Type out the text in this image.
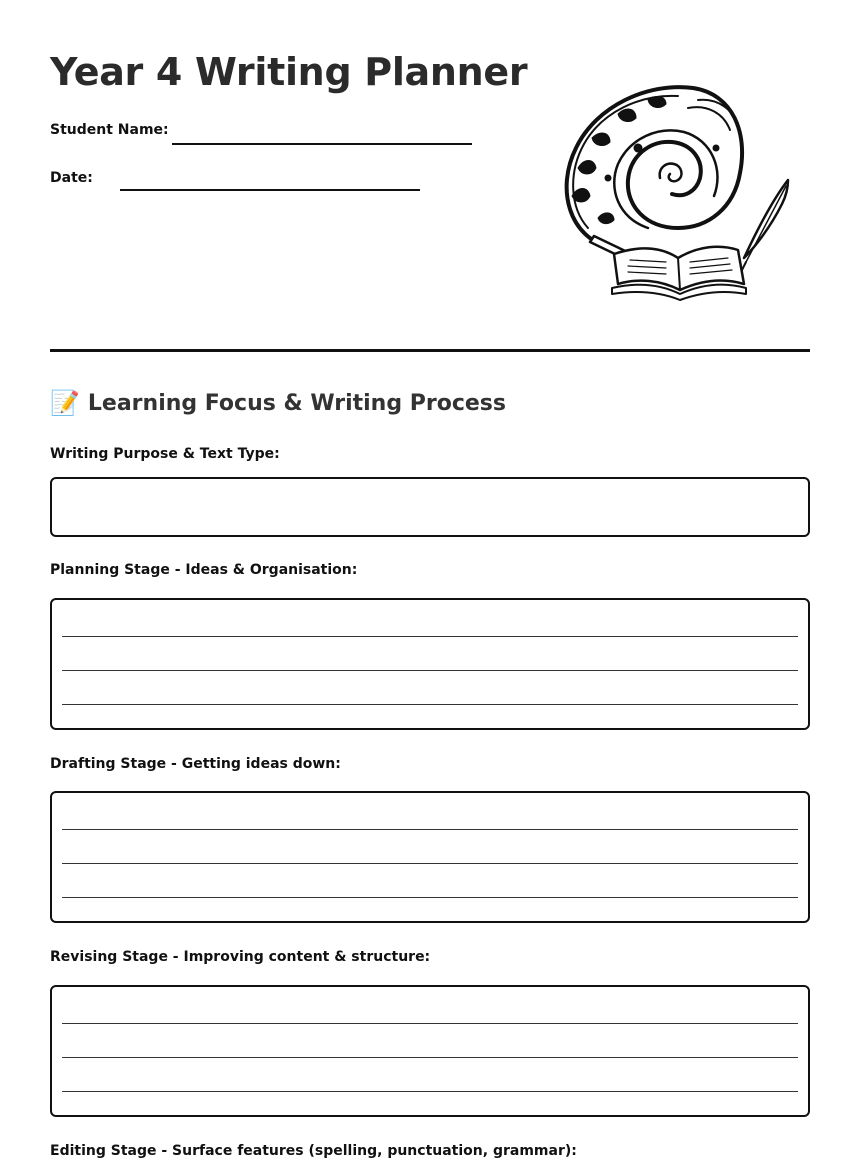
Year 4 Writing Planner
Student Name:
Date:
📝 Learning Focus & Writing Process
Writing Purpose & Text Type:
Planning Stage - Ideas & Organisation:
Drafting Stage - Getting ideas down:
Revising Stage - Improving content & structure:
Editing Stage - Surface features (spelling, punctuation, grammar):
